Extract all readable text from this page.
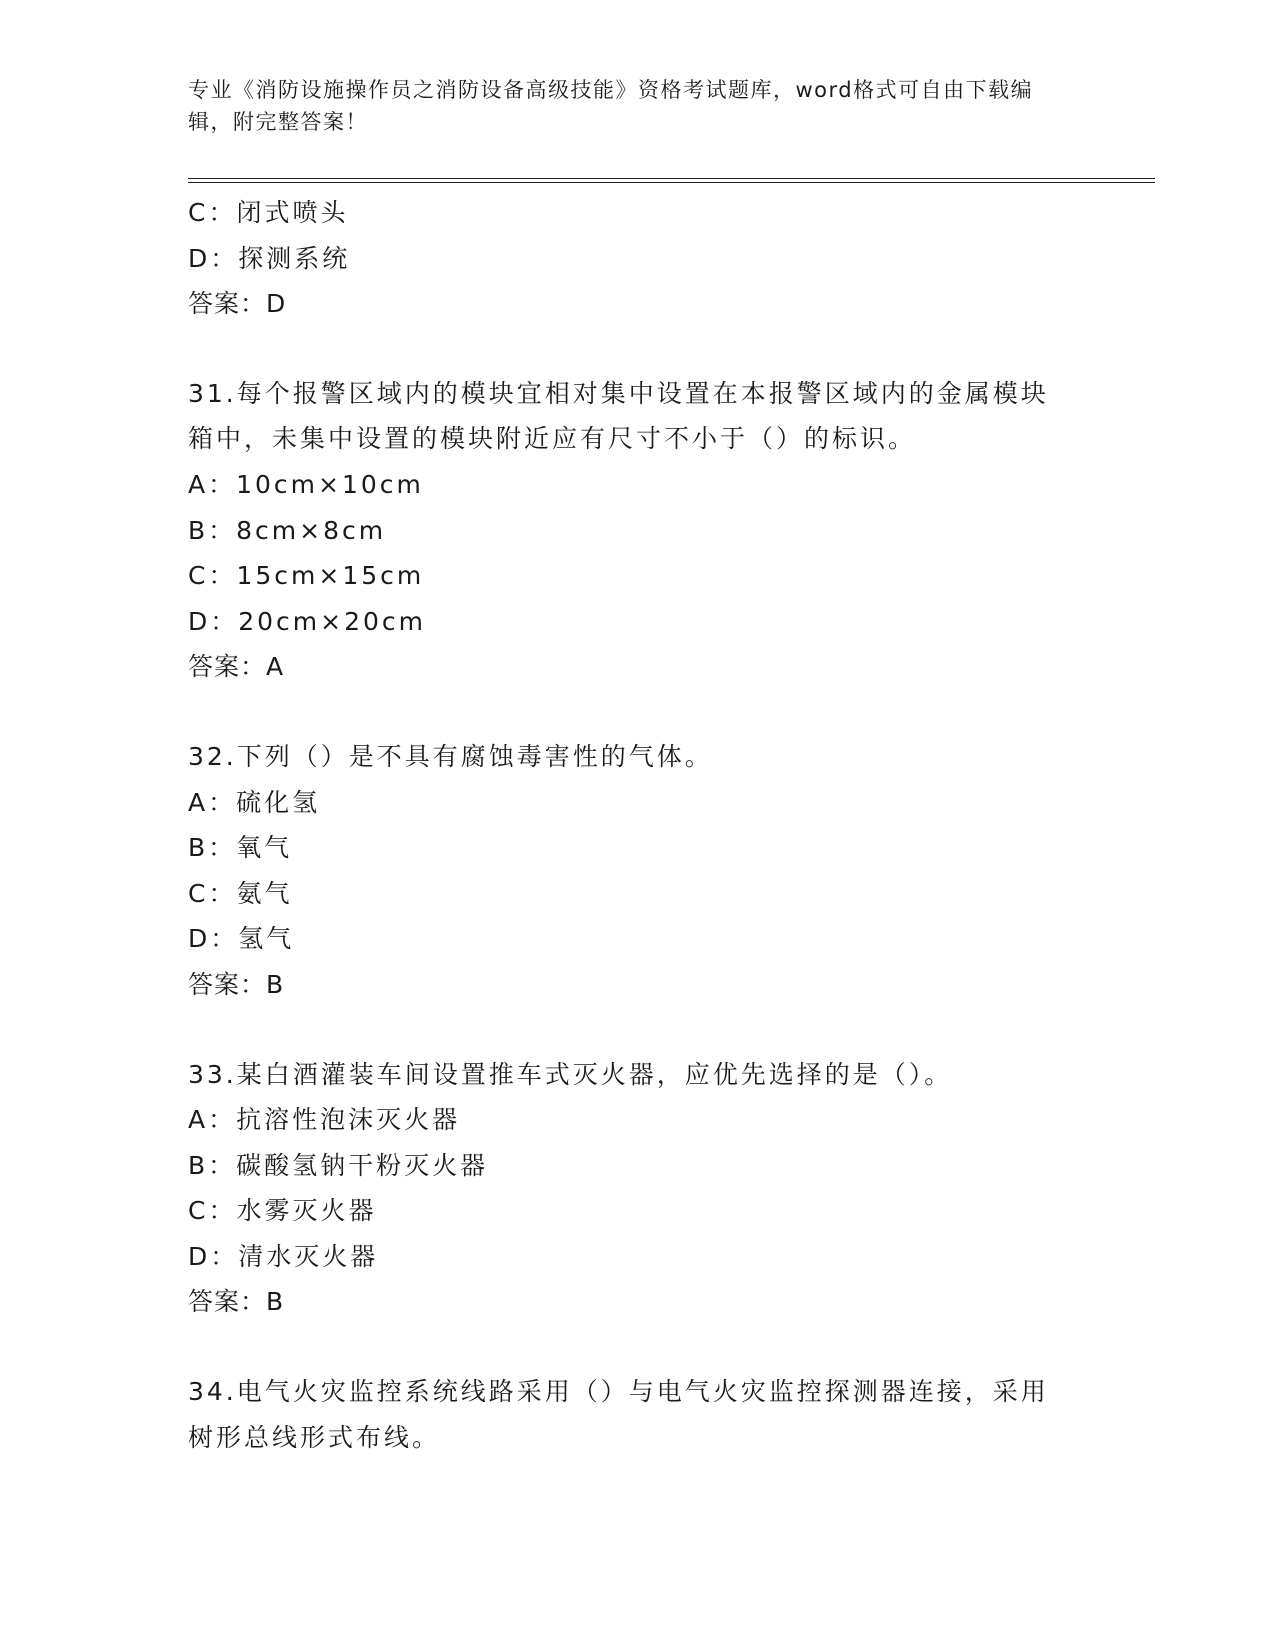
专业《消防设施操作员之消防设备高级技能》资格考试题库，word格式可自由下载编辑，附完整答案！
C：闭式喷头
D：探测系统
答案：D
31.每个报警区域内的模块宜相对集中设置在本报警区域内的金属模块箱中，未集中设置的模块附近应有尺寸不小于（）的标识。
A：10cm×10cm
B：8cm×8cm
C：15cm×15cm
D：20cm×20cm
答案：A
32.下列（）是不具有腐蚀毒害性的气体。
A：硫化氢
B：氧气
C：氨气
D：氢气
答案：B
33.某白酒灌装车间设置推车式灭火器，应优先选择的是（）。
A：抗溶性泡沫灭火器
B：碳酸氢钠干粉灭火器
C：水雾灭火器
D：清水灭火器
答案：B
34.电气火灾监控系统线路采用（）与电气火灾监控探测器连接，采用树形总线形式布线。
